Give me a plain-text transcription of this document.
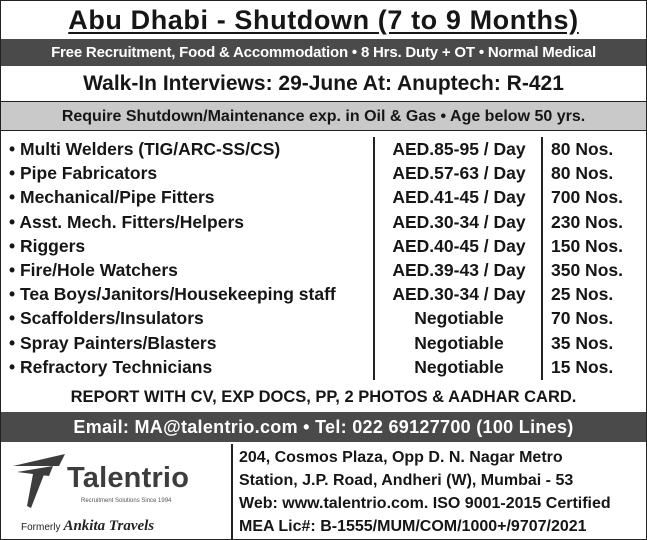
Abu Dhabi - Shutdown (7 to 9 Months)
Free Recruitment, Food & Accommodation • 8 Hrs. Duty + OT • Normal Medical
Walk-In Interviews: 29-June At: Anuptech: R-421
Require Shutdown/Maintenance exp. in Oil & Gas • Age below 50 yrs.
• Multi Welders (TIG/ARC-SS/CS)	AED.85-95 / Day	80 Nos.
• Pipe Fabricators	AED.57-63 / Day	80 Nos.
• Mechanical/Pipe Fitters	AED.41-45 / Day	700 Nos.
• Asst. Mech. Fitters/Helpers	AED.30-34 / Day	230 Nos.
• Riggers	AED.40-45 / Day	150 Nos.
• Fire/Hole Watchers	AED.39-43 / Day	350 Nos.
• Tea Boys/Janitors/Housekeeping staff	AED.30-34 / Day	25 Nos.
• Scaffolders/Insulators	Negotiable	70 Nos.
• Spray Painters/Blasters	Negotiable	35 Nos.
• Refractory Technicians	Negotiable	15 Nos.
REPORT WITH CV, EXP DOCS, PP, 2 PHOTOS & AADHAR CARD.
Email: MA@talentrio.com • Tel: 022 69127700 (100 Lines)
Talentrio
Recruitment Solutions Since 1994
Formerly Ankita Travels
204, Cosmos Plaza, Opp D. N. Nagar Metro
Station, J.P. Road, Andheri (W), Mumbai - 53
Web: www.talentrio.com. ISO 9001-2015 Certified
MEA Lic#: B-1555/MUM/COM/1000+/9707/2021
